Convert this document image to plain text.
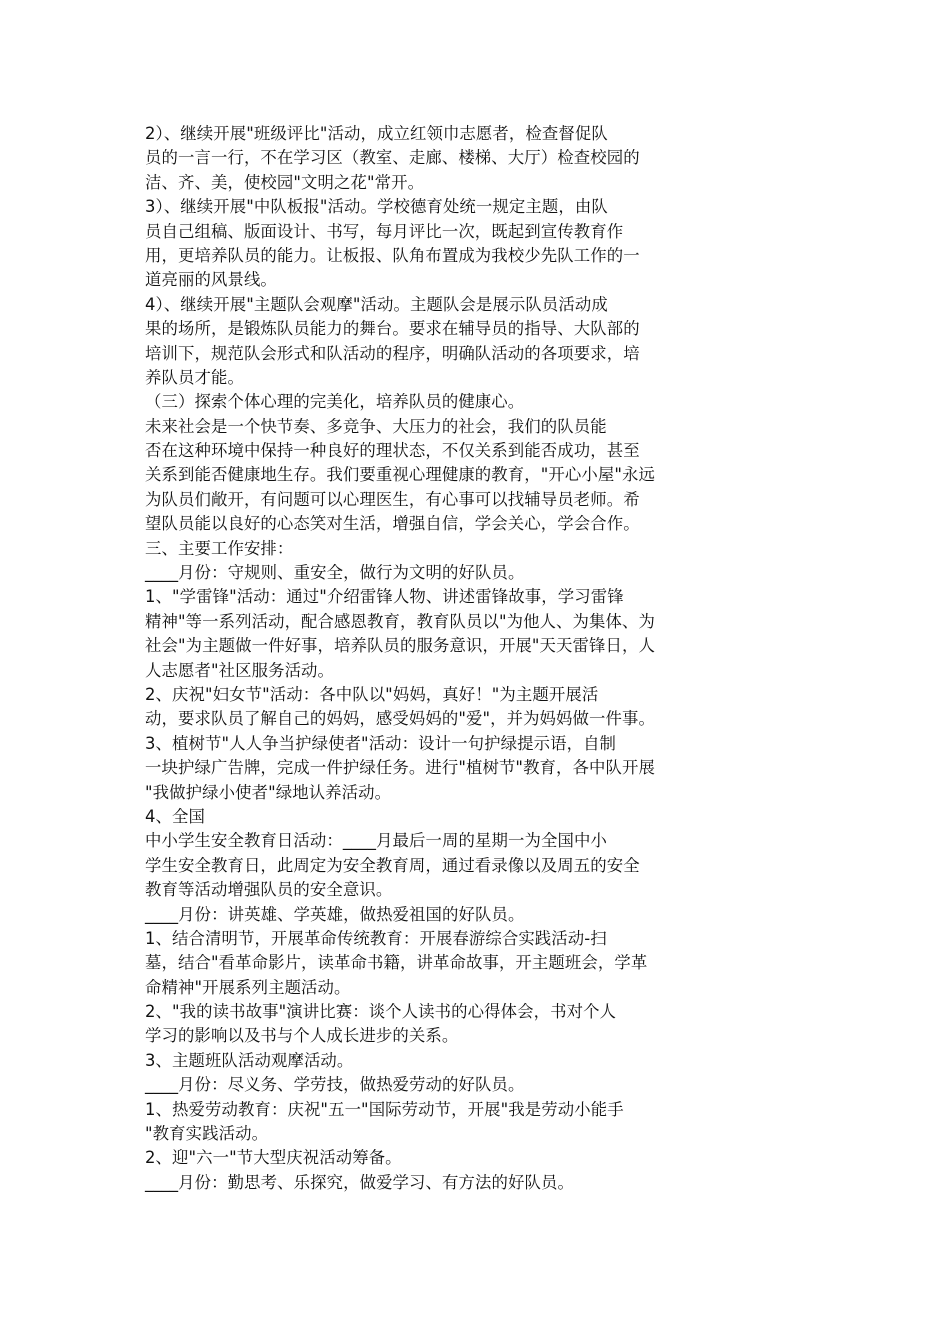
2）、继续开展"班级评比"活动，成立红领巾志愿者，检查督促队
员的一言一行，不在学习区（教室、走廊、楼梯、大厅）检查校园的
洁、齐、美，使校园"文明之花"常开。
3）、继续开展"中队板报"活动。学校德育处统一规定主题，由队
员自己组稿、版面设计、书写，每月评比一次，既起到宣传教育作
用，更培养队员的能力。让板报、队角布置成为我校少先队工作的一
道亮丽的风景线。
4）、继续开展"主题队会观摩"活动。主题队会是展示队员活动成
果的场所，是锻炼队员能力的舞台。要求在辅导员的指导、大队部的
培训下，规范队会形式和队活动的程序，明确队活动的各项要求，培
养队员才能。
（三）探索个体心理的完美化，培养队员的健康心。
未来社会是一个快节奏、多竞争、大压力的社会，我们的队员能
否在这种环境中保持一种良好的理状态，不仅关系到能否成功，甚至
关系到能否健康地生存。我们要重视心理健康的教育，"开心小屋"永远
为队员们敞开，有问题可以心理医生，有心事可以找辅导员老师。希
望队员能以良好的心态笑对生活，增强自信，学会关心，学会合作。
三、主要工作安排：
____月份：守规则、重安全，做行为文明的好队员。
1、"学雷锋"活动：通过"介绍雷锋人物、讲述雷锋故事，学习雷锋
精神"等一系列活动，配合感恩教育，教育队员以"为他人、为集体、为
社会"为主题做一件好事，培养队员的服务意识，开展"天天雷锋日，人
人志愿者"社区服务活动。
2、庆祝"妇女节"活动：各中队以"妈妈，真好！"为主题开展活
动，要求队员了解自己的妈妈，感受妈妈的"爱"，并为妈妈做一件事。
3、植树节"人人争当护绿使者"活动：设计一句护绿提示语，自制
一块护绿广告牌，完成一件护绿任务。进行"植树节"教育，各中队开展
"我做护绿小使者"绿地认养活动。
4、全国
中小学生安全教育日活动：____月最后一周的星期一为全国中小
学生安全教育日，此周定为安全教育周，通过看录像以及周五的安全
教育等活动增强队员的安全意识。
____月份：讲英雄、学英雄，做热爱祖国的好队员。
1、结合清明节，开展革命传统教育：开展春游综合实践活动-扫
墓，结合"看革命影片，读革命书籍，讲革命故事，开主题班会，学革
命精神"开展系列主题活动。
2、"我的读书故事"演讲比赛：谈个人读书的心得体会，书对个人
学习的影响以及书与个人成长进步的关系。
3、主题班队活动观摩活动。
____月份：尽义务、学劳技，做热爱劳动的好队员。
1、热爱劳动教育：庆祝"五一"国际劳动节，开展"我是劳动小能手
"教育实践活动。
2、迎"六一"节大型庆祝活动筹备。
____月份：勤思考、乐探究，做爱学习、有方法的好队员。
